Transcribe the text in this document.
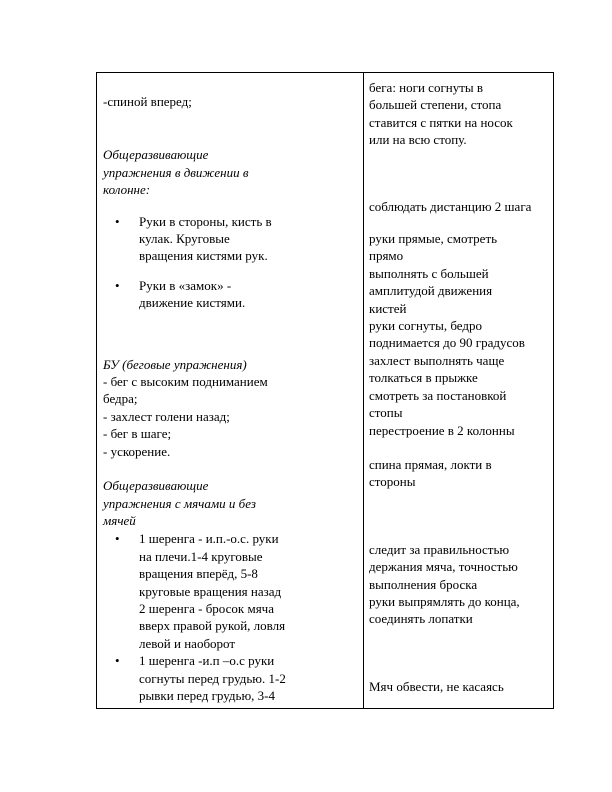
-спиной вперед;
Общеразвивающие
упражнения в движении в
колонне:
• Руки в стороны, кисть в
кулак. Круговые
вращения кистями рук.
• Руки в «замок» -
движение кистями.
БУ (беговые упражнения)
- бег с высоким подниманием
бедра;
- захлест голени назад;
- бег в шаге;
- ускорение.
Общеразвивающие
упражнения с мячами и без
мячей
• 1 шеренга - и.п.-о.с. руки
на плечи.1-4 круговые
вращения вперёд, 5-8
круговые вращения назад
2 шеренга - бросок мяча
вверх правой рукой, ловля
левой и наоборот
• 1 шеренга -и.п –о.с руки
согнуты перед грудью. 1-2
рывки перед грудью, 3-4

бега: ноги согнуты в
большей степени, стопа
ставится с пятки на носок
или на всю стопу.
соблюдать дистанцию 2 шага
руки прямые, смотреть
прямо
выполнять с большей
амплитудой движения
кистей
руки согнуты, бедро
поднимается до 90 градусов
захлест выполнять чаще
толкаться в прыжке
смотреть за постановкой
стопы
перестроение в 2 колонны
спина прямая, локти в
стороны
следит за правильностью
держания мяча, точностью
выполнения броска
руки выпрямлять до конца,
соединять лопатки
Мяч обвести, не касаясь
